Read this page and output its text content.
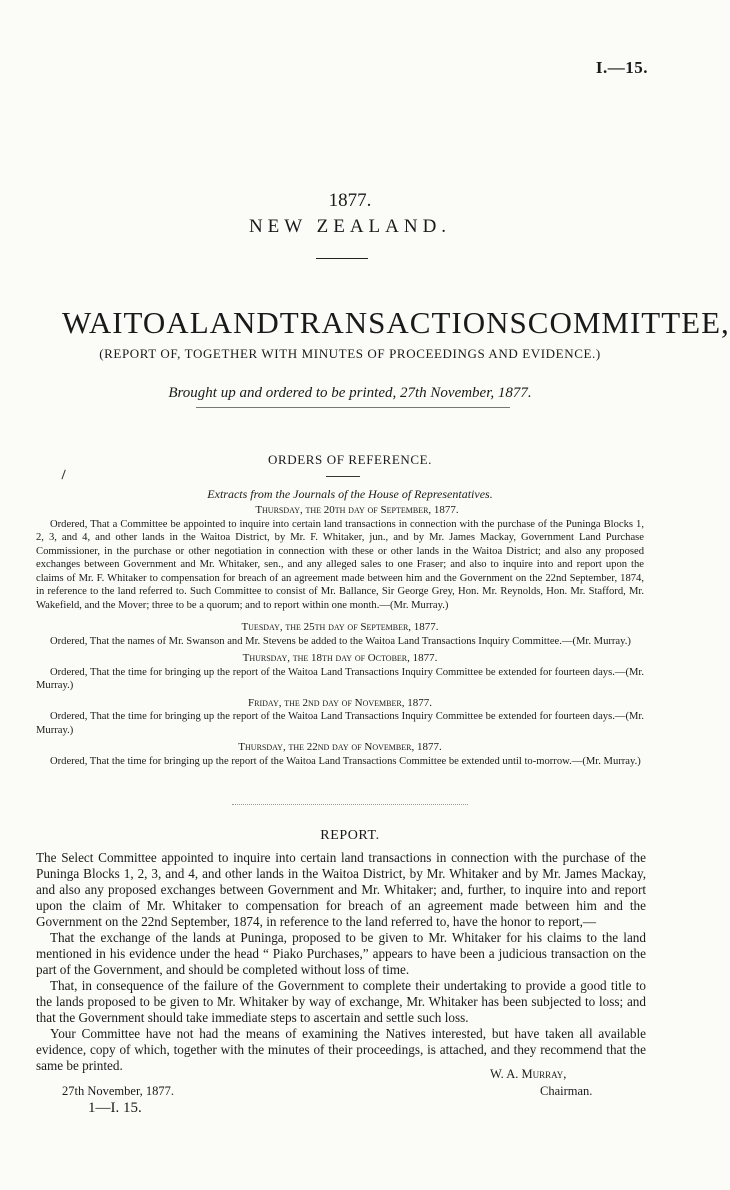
I.—15.
1877.
NEW ZEALAND.
WAITOA LAND TRANSACTIONS COMMITTEE,
(REPORT OF, TOGETHER WITH MINUTES OF PROCEEDINGS AND EVIDENCE.)
Brought up and ordered to be printed, 27th November, 1877.
ORDERS OF REFERENCE.
Extracts from the Journals of the House of Representatives.

Thursday, the 20th day of September, 1877.

Ordered, That a Committee be appointed to inquire into certain land transactions in connection with the purchase of the Puninga Blocks 1, 2, 3, and 4, and other lands in the Waitoa District, by Mr. F. Whitaker, jun., and by Mr. James Mackay, Government Land Purchase Commissioner, in the purchase or other negotiation in connection with these or other lands in the Waitoa District; and also any proposed exchanges between Government and Mr. Whitaker, sen., and any alleged sales to one Fraser; and also to inquire into and report upon the claims of Mr. F. Whitaker to compensation for breach of an agreement made between him and the Government on the 22nd September, 1874, in reference to the land referred to. Such Committee to consist of Mr. Ballance, Sir George Grey, Hon. Mr. Reynolds, Hon. Mr. Stafford, Mr. Wakefield, and the Mover; three to be a quorum; and to report within one month.—(Mr. Murray.)

Tuesday, the 25th day of September, 1877.

Ordered, That the names of Mr. Swanson and Mr. Stevens be added to the Waitoa Land Transactions Inquiry Committee.—(Mr. Murray.)

Thursday, the 18th day of October, 1877.

Ordered, That the time for bringing up the report of the Waitoa Land Transactions Inquiry Committee be extended for fourteen days.—(Mr. Murray.)

Friday, the 2nd day of November, 1877.

Ordered, That the time for bringing up the report of the Waitoa Land Transactions Inquiry Committee be extended for fourteen days.—(Mr. Murray.)

Thursday, the 22nd day of November, 1877.

Ordered, That the time for bringing up the report of the Waitoa Land Transactions Committee be extended until to-morrow.—(Mr. Murray.)

REPORT.

The Select Committee appointed to inquire into certain land transactions in connection with the purchase of the Puninga Blocks 1, 2, 3, and 4, and other lands in the Waitoa District, by Mr. Whitaker and by Mr. James Mackay, and also any proposed exchanges between Government and Mr. Whitaker; and, further, to inquire into and report upon the claim of Mr. Whitaker to compensation for breach of an agreement made between him and the Government on the 22nd September, 1874, in reference to the land referred to, have the honor to report,—

That the exchange of the lands at Puninga, proposed to be given to Mr. Whitaker for his claims to the land mentioned in his evidence under the head “ Piako Purchases,” appears to have been a judicious transaction on the part of the Government, and should be completed without loss of time.

That, in consequence of the failure of the Government to complete their undertaking to provide a good title to the lands proposed to be given to Mr. Whitaker by way of exchange, Mr. Whitaker has been subjected to loss; and that the Government should take immediate steps to ascertain and settle such loss.

Your Committee have not had the means of examining the Natives interested, but have taken all available evidence, copy of which, together with the minutes of their proceedings, is attached, and they recommend that the same be printed.

W. A. Murray,
Chairman.
27th November, 1877.
1—I. 15.
